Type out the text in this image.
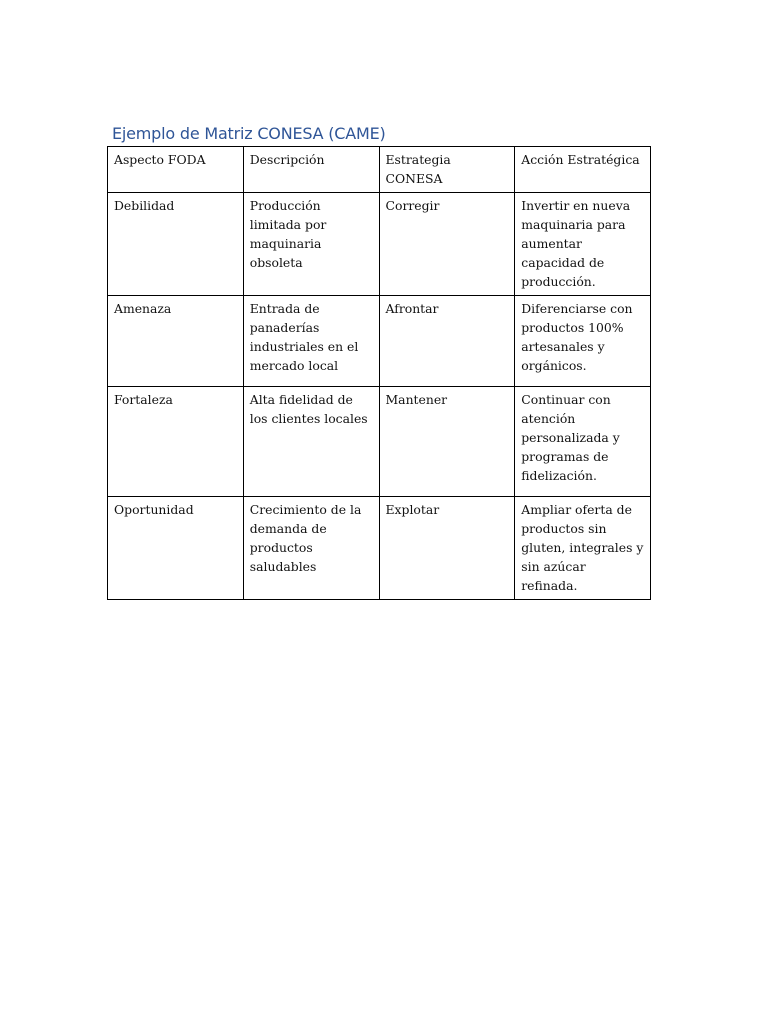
Ejemplo de Matriz CONESA (CAME)
Aspecto FODA	Descripción	Estrategia CONESA	Acción Estratégica
Debilidad	Producción limitada por maquinaria obsoleta	Corregir	Invertir en nueva maquinaria para aumentar capacidad de producción.
Amenaza	Entrada de panaderías industriales en el mercado local	Afrontar	Diferenciarse con productos 100% artesanales y orgánicos.
Fortaleza	Alta fidelidad de los clientes locales	Mantener	Continuar con atención personalizada y programas de fidelización.
Oportunidad	Crecimiento de la demanda de productos saludables	Explotar	Ampliar oferta de productos sin gluten, integrales y sin azúcar refinada.
